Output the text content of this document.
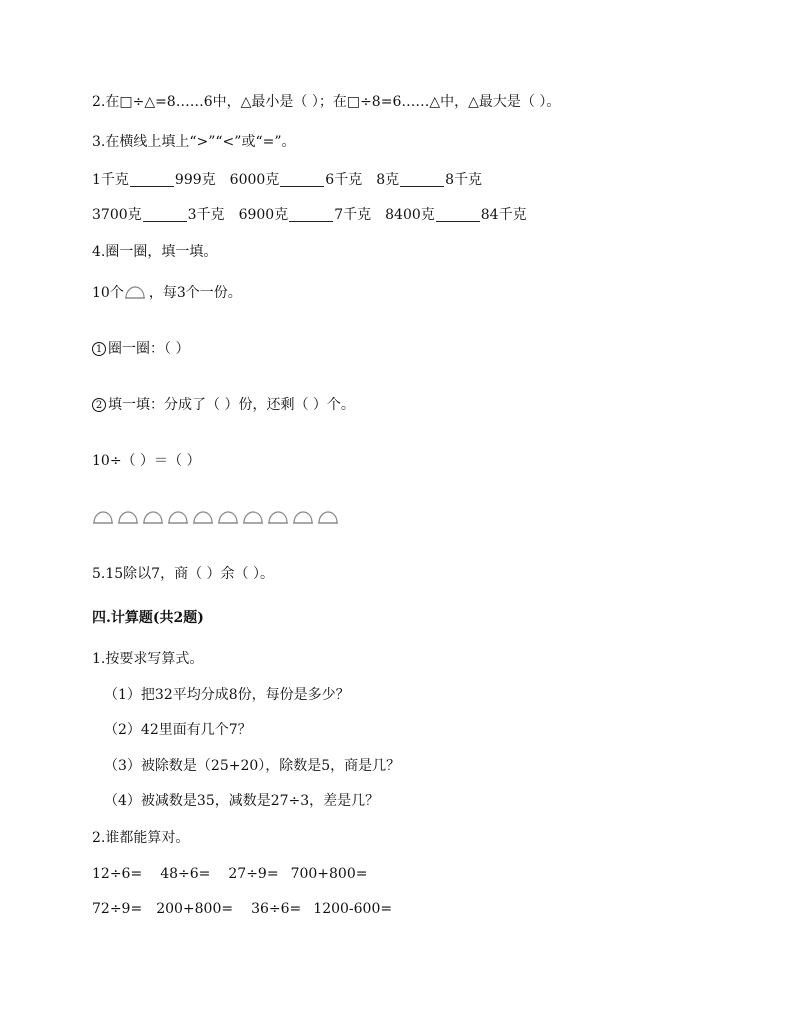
2.在□÷△=8……6中，△最小是（ ）；在□÷8=6……△中，△最大是（ ）。
3.在横线上填上“>”“<”或“=”。
1千克	999克 6000克	6千克 8克	8千克
3700克	3千克 6900克	7千克 8400克	84千克
4.圈一圈，填一填。
10个 ，每3个一份。
1 圈一圈：（ ）
2 填一填：分成了（ ）份，还剩（ ）个。
10÷（ ）＝（ ）
5.15除以7，商（ ）余（ ）。
四.计算题(共2题)
1.按要求写算式。
（1）把32平均分成8份，每份是多少？
（2）42里面有几个7？
（3）被除数是（25+20），除数是5，商是几？
（4）被减数是35，减数是27÷3，差是几？
2.谁都能算对。
12÷6= 48÷6= 27÷9= 700+800=
72÷9= 200+800= 36÷6= 1200-600=
